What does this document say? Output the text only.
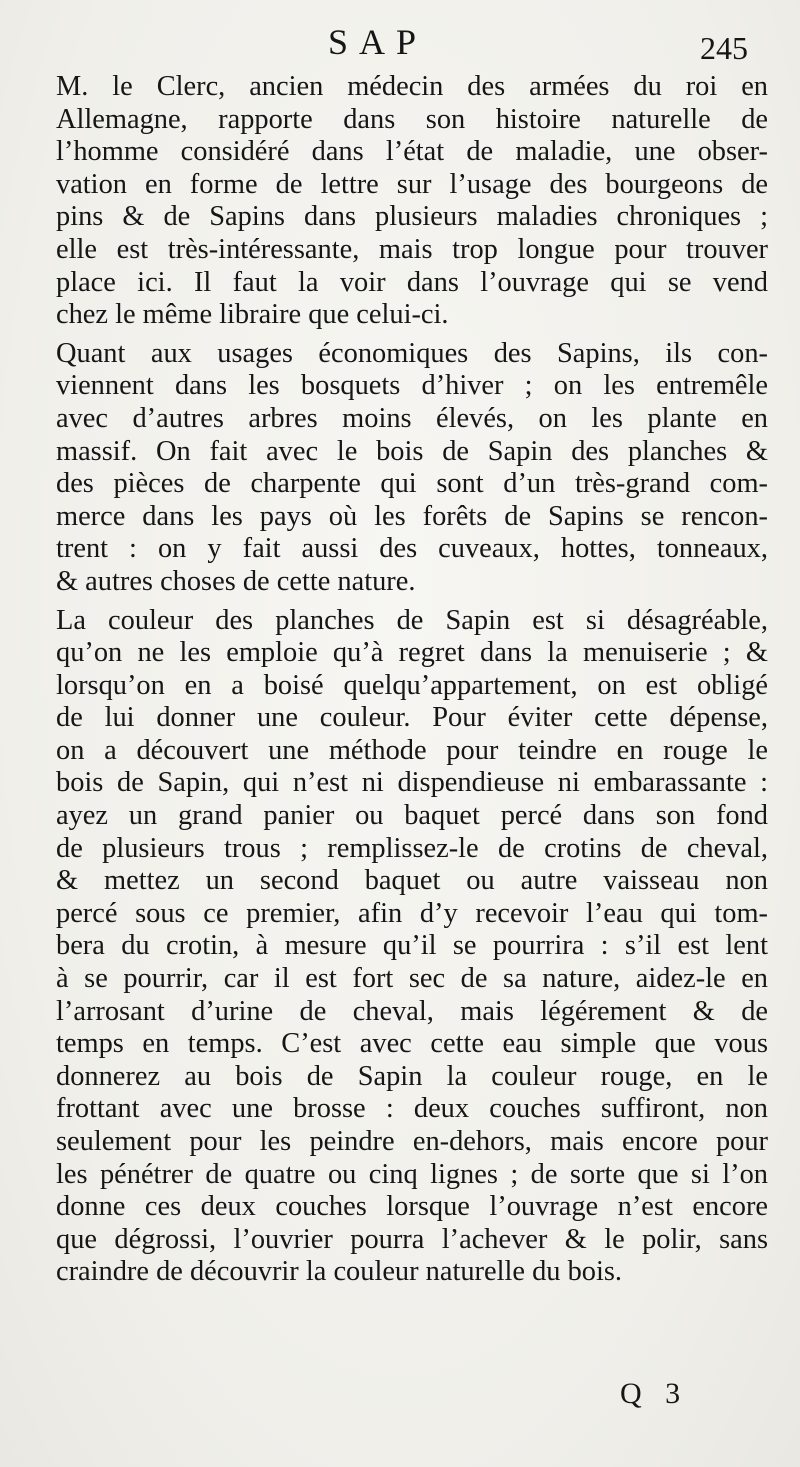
SAP	245
M. le Clerc, ancien médecin des armées du roi en
Allemagne, rapporte dans son histoire naturelle de
l’homme considéré dans l’état de maladie, une obser-
vation en forme de lettre sur l’usage des bourgeons de
pins & de Sapins dans plusieurs maladies chroniques ;
elle est très-intéressante, mais trop longue pour trouver
place ici. Il faut la voir dans l’ouvrage qui se vend
chez le même libraire que celui-ci.
Quant aux usages économiques des Sapins, ils con-
viennent dans les bosquets d’hiver ; on les entremêle
avec d’autres arbres moins élevés, on les plante en
massif. On fait avec le bois de Sapin des planches &
des pièces de charpente qui sont d’un très-grand com-
merce dans les pays où les forêts de Sapins se rencon-
trent : on y fait aussi des cuveaux, hottes, tonneaux,
& autres choses de cette nature.
La couleur des planches de Sapin est si désagréable,
qu’on ne les emploie qu’à regret dans la menuiserie ; &
lorsqu’on en a boisé quelqu’appartement, on est obligé
de lui donner une couleur. Pour éviter cette dépense,
on a découvert une méthode pour teindre en rouge le
bois de Sapin, qui n’est ni dispendieuse ni embarassante :
ayez un grand panier ou baquet percé dans son fond
de plusieurs trous ; remplissez-le de crotins de cheval,
& mettez un second baquet ou autre vaisseau non
percé sous ce premier, afin d’y recevoir l’eau qui tom-
bera du crotin, à mesure qu’il se pourrira : s’il est lent
à se pourrir, car il est fort sec de sa nature, aidez-le en
l’arrosant d’urine de cheval, mais légérement & de
temps en temps. C’est avec cette eau simple que vous
donnerez au bois de Sapin la couleur rouge, en le
frottant avec une brosse : deux couches suffiront, non
seulement pour les peindre en-dehors, mais encore pour
les pénétrer de quatre ou cinq lignes ; de sorte que si l’on
donne ces deux couches lorsque l’ouvrage n’est encore
que dégrossi, l’ouvrier pourra l’achever & le polir, sans
craindre de découvrir la couleur naturelle du bois.
Q 3
